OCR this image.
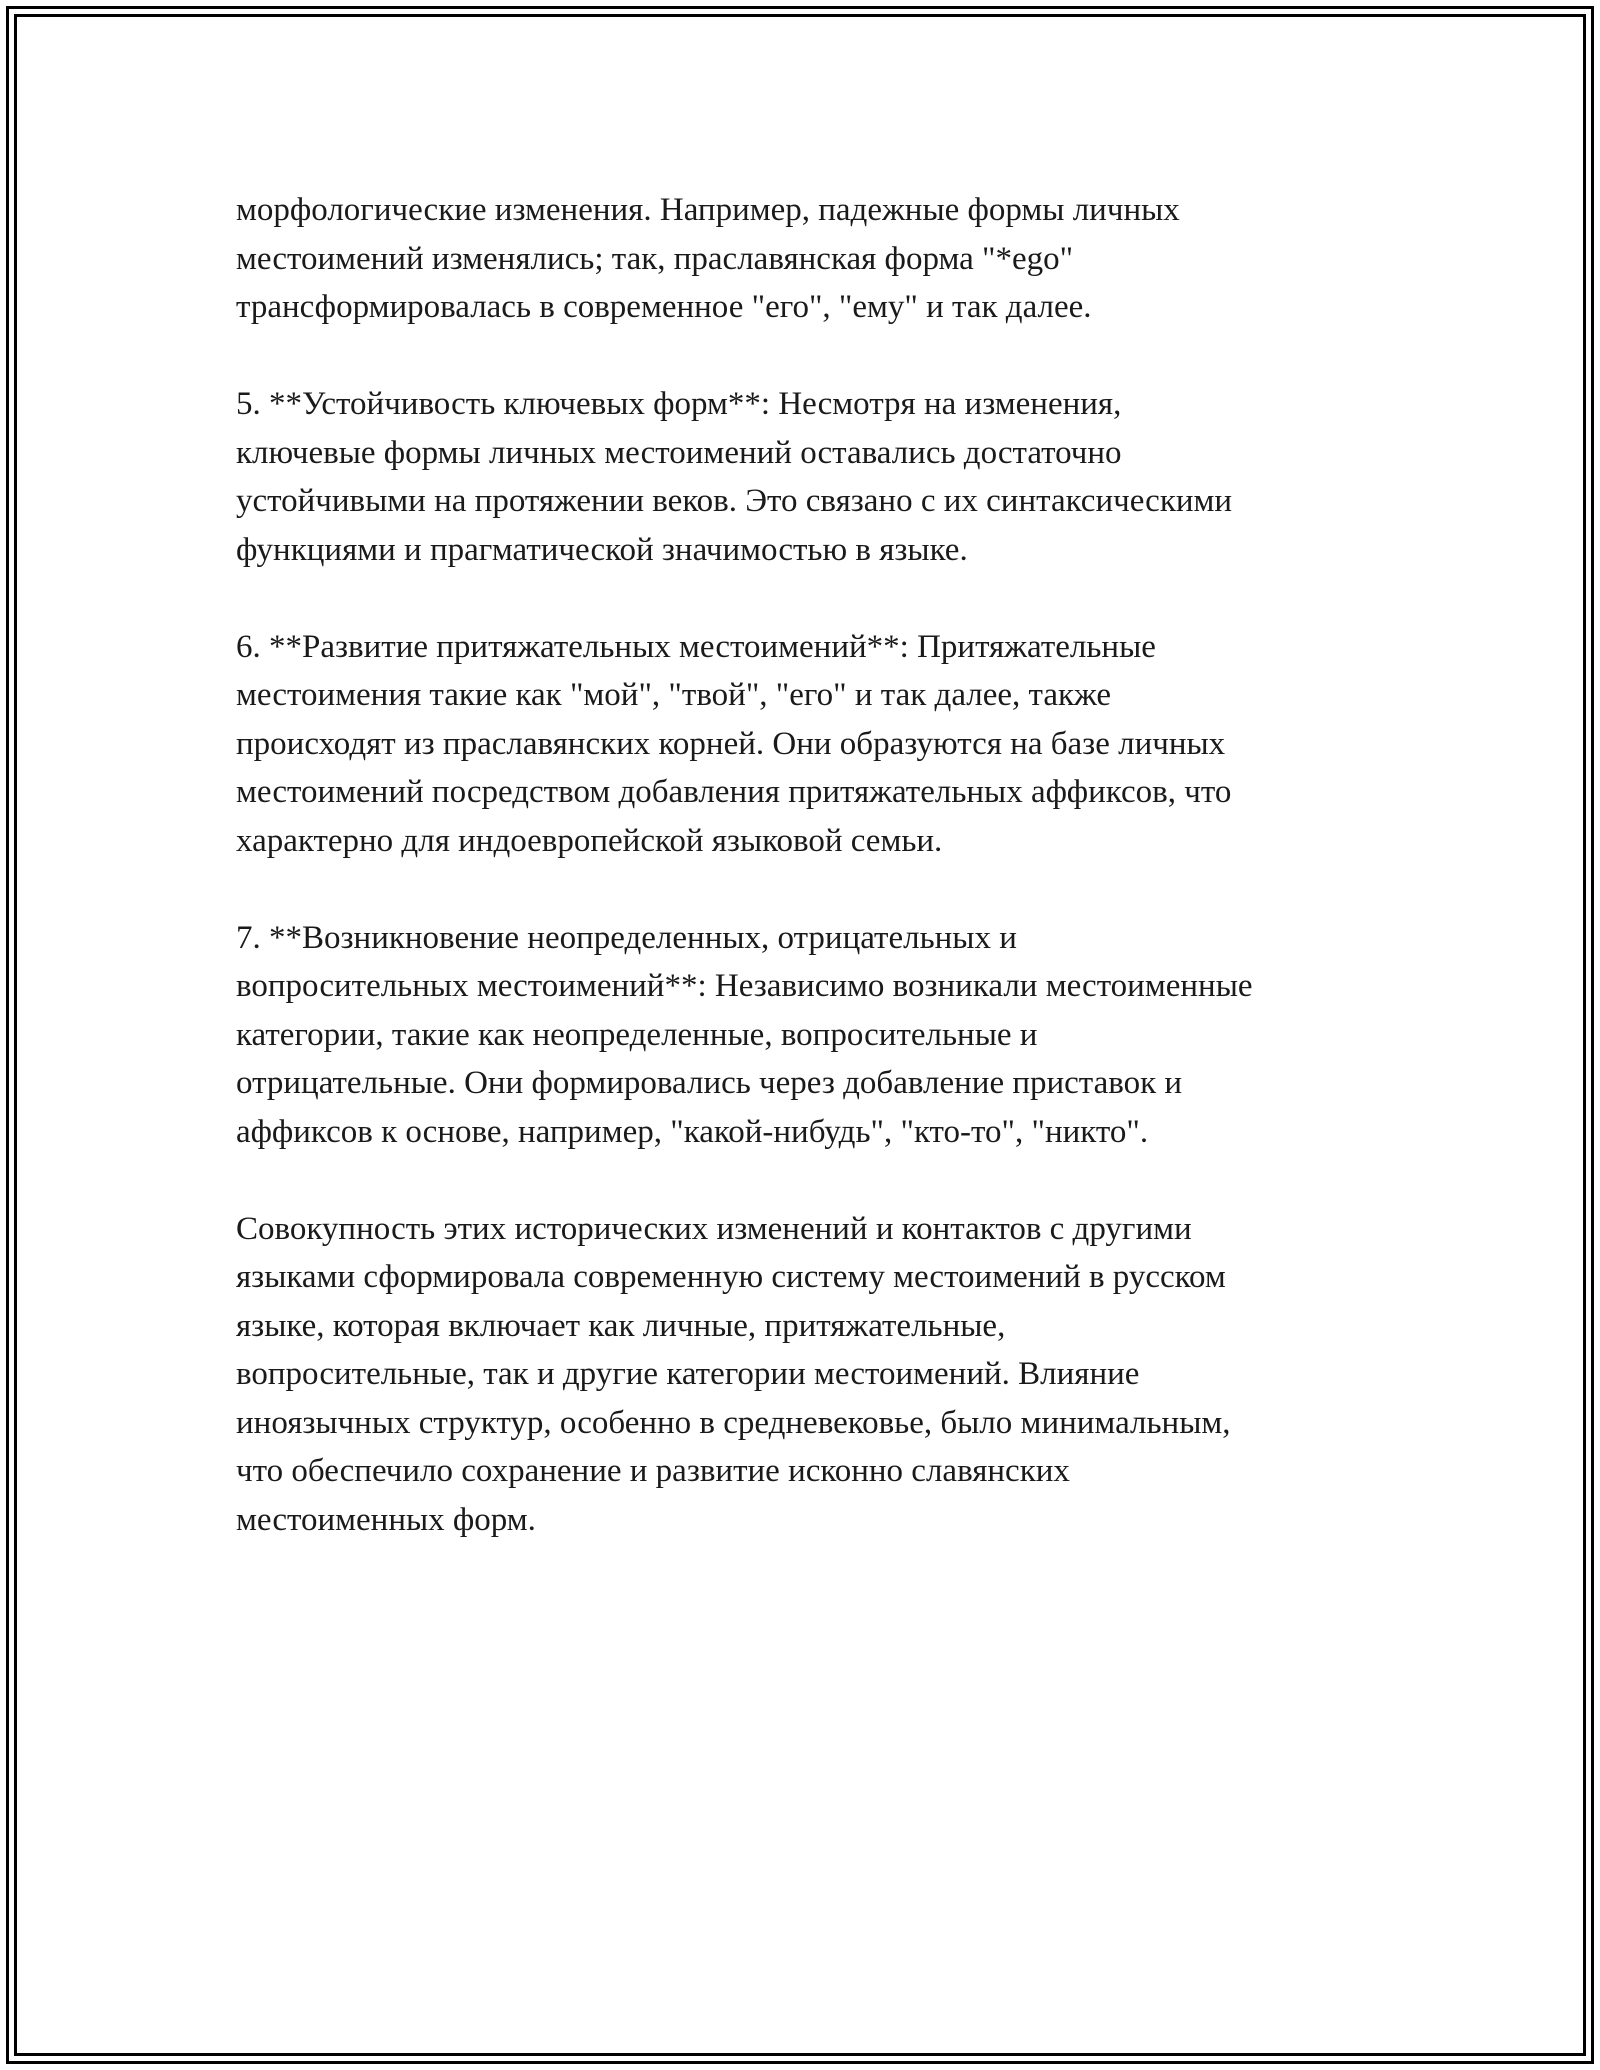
морфологические изменения. Например, падежные формы личных
местоимений изменялись; так, праславянская форма "*ego"
трансформировалась в современное "его", "ему" и так далее.
5. **Устойчивость ключевых форм**: Несмотря на изменения,
ключевые формы личных местоимений оставались достаточно
устойчивыми на протяжении веков. Это связано с их синтаксическими
функциями и прагматической значимостью в языке.
6. **Развитие притяжательных местоимений**: Притяжательные
местоимения такие как "мой", "твой", "его" и так далее, также
происходят из праславянских корней. Они образуются на базе личных
местоимений посредством добавления притяжательных аффиксов, что
характерно для индоевропейской языковой семьи.
7. **Возникновение неопределенных, отрицательных и
вопросительных местоимений**: Независимо возникали местоименные
категории, такие как неопределенные, вопросительные и
отрицательные. Они формировались через добавление приставок и
аффиксов к основе, например, "какой-нибудь", "кто-то", "никто".
Совокупность этих исторических изменений и контактов с другими
языками сформировала современную систему местоимений в русском
языке, которая включает как личные, притяжательные,
вопросительные, так и другие категории местоимений. Влияние
иноязычных структур, особенно в средневековье, было минимальным,
что обеспечило сохранение и развитие исконно славянских
местоименных форм.
